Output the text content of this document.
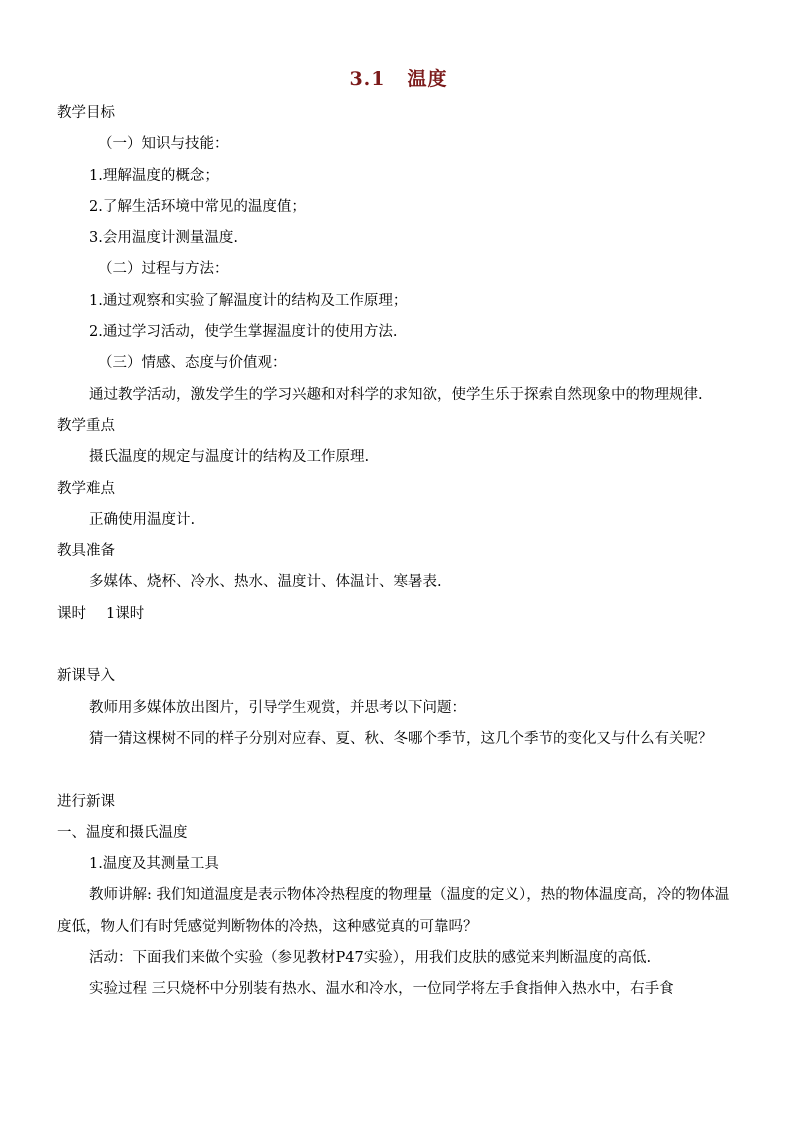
3.1 温度
教学目标
（一）知识与技能：
1.理解温度的概念；
2.了解生活环境中常见的温度值；
3.会用温度计测量温度.
（二）过程与方法：
1.通过观察和实验了解温度计的结构及工作原理；
2.通过学习活动，使学生掌握温度计的使用方法.
（三）情感、态度与价值观：
通过教学活动，激发学生的学习兴趣和对科学的求知欲，使学生乐于探索自然现象中的物理规律.
教学重点
摄氏温度的规定与温度计的结构及工作原理.
教学难点
正确使用温度计.
教具准备
多媒体、烧杯、冷水、热水、温度计、体温计、寒暑表.
课时 1课时
新课导入
教师用多媒体放出图片，引导学生观赏，并思考以下问题：
猜一猜这棵树不同的样子分别对应春、夏、秋、冬哪个季节，这几个季节的变化又与什么有关呢？
进行新课
一、温度和摄氏温度
1.温度及其测量工具
教师讲解: 我们知道温度是表示物体冷热程度的物理量（温度的定义），热的物体温度高，冷的物体温度低，物人们有时凭感觉判断物体的冷热，这种感觉真的可靠吗？
活动：下面我们来做个实验（参见教材P47实验），用我们皮肤的感觉来判断温度的高低.
实验过程 三只烧杯中分别装有热水、温水和冷水，一位同学将左手食指伸入热水中，右手食
